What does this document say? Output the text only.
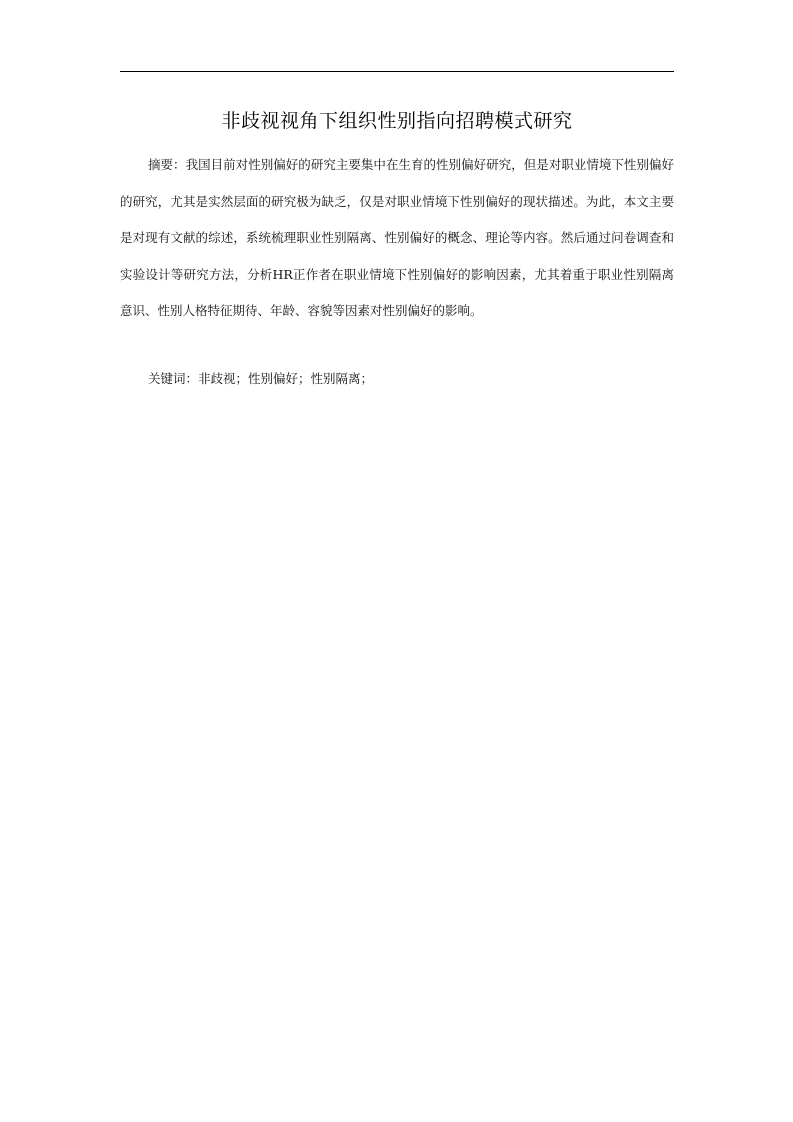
非歧视视角下组织性别指向招聘模式研究

摘要：我国目前对性别偏好的研究主要集中在生育的性别偏好研究，但是对职业情境下性别偏好的研究，尤其是实然层面的研究极为缺乏，仅是对职业情境下性别偏好的现状描述。为此，本文主要是对现有文献的综述，系统梳理职业性别隔离、性别偏好的概念、理论等内容。然后通过问卷调查和实验设计等研究方法，分析HR正作者在职业情境下性别偏好的影响因素，尤其着重于职业性别隔离意识、性别人格特征期待、年龄、容貌等因素对性别偏好的影响。

关键词：非歧视；性别偏好；性别隔离；
